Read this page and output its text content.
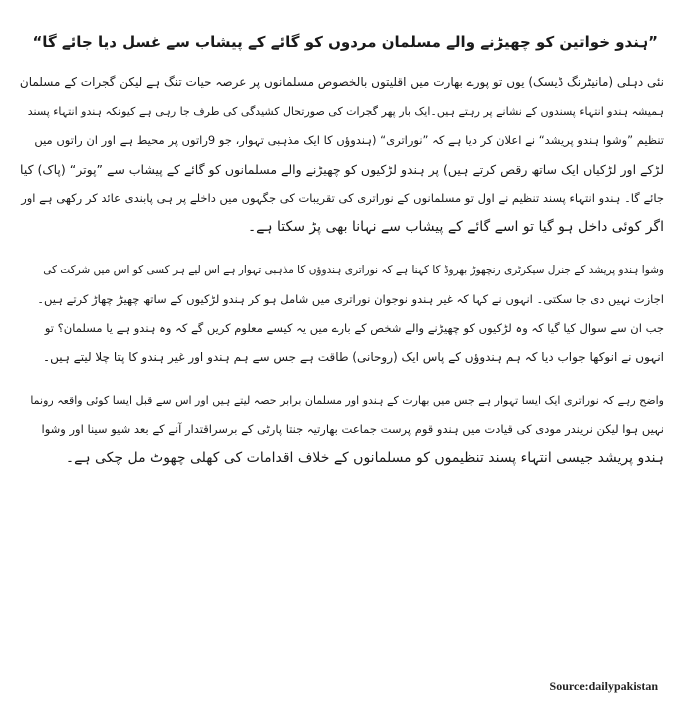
”ہندو خواتین کو چھیڑنے والے مسلمان مردوں کو گائے کے پیشاب سے غسل دیا جائے گا“
نئی دہلی (مانیٹرنگ ڈیسک) یوں تو پورے بھارت میں اقلیتوں بالخصوص مسلمانوں پر عرصہ حیات تنگ ہے لیکن گجرات کے مسلمان
ہمیشہ ہندو انتہاء پسندوں کے نشانے پر رہتے ہیں۔ایک بار پھر گجرات کی صورتحال کشیدگی کی طرف جا رہی ہے کیونکہ ہندو انتہاء پسند
تنظیم ”وشوا ہندو پریشد“ نے اعلان کر دیا ہے کہ ”نوراتری“ (ہندوؤں کا ایک مذہبی تہوار، جو 9راتوں پر محیط ہے اور ان راتوں میں
لڑکے اور لڑکیاں ایک ساتھ رقص کرتے ہیں) پر ہندو لڑکیوں کو چھیڑنے والے مسلمانوں کو گائے کے پیشاب سے ”پوتر“ (پاک) کیا
جائے گا۔ ہندو انتہاء پسند تنظیم نے اول تو مسلمانوں کے نوراتری کی تقریبات کی جگہوں میں داخلے پر ہی پابندی عائد کر رکھی ہے اور
اگر کوئی داخل ہو گیا تو اسے گائے کے پیشاب سے نہانا بھی پڑ سکتا ہے۔
وشوا ہندو پریشد کے جنرل سیکرٹری رنچھوڑ بھروڈ کا کہنا ہے کہ نوراتری ہندوؤں کا مذہبی تہوار ہے اس لیے ہر کسی کو اس میں شرکت کی
اجازت نہیں دی جا سکتی۔ انہوں نے کہا کہ غیر ہندو نوجوان نوراتری میں شامل ہو کر ہندو لڑکیوں کے ساتھ چھیڑ چھاڑ کرتے ہیں۔
جب ان سے سوال کیا گیا کہ وہ لڑکیوں کو چھیڑنے والے شخص کے بارے میں یہ کیسے معلوم کریں گے کہ وہ ہندو ہے یا مسلمان؟ تو
انہوں نے انوکھا جواب دیا کہ ہم ہندوؤں کے پاس ایک (روحانی) طاقت ہے جس سے ہم ہندو اور غیر ہندو کا پتا چلا لیتے ہیں۔
واضح رہے کہ نوراتری ایک ایسا تہوار ہے جس میں بھارت کے ہندو اور مسلمان برابر حصہ لیتے ہیں اور اس سے قبل ایسا کوئی واقعہ رونما
نہیں ہوا لیکن نریندر مودی کی قیادت میں ہندو قوم پرست جماعت بھارتیہ جنتا پارٹی کے برسراقتدار آنے کے بعد شیو سینا اور وشوا
ہندو پریشد جیسی انتہاء پسند تنظیموں کو مسلمانوں کے خلاف اقدامات کی کھلی چھوٹ مل چکی ہے۔
Source:dailypakistan
